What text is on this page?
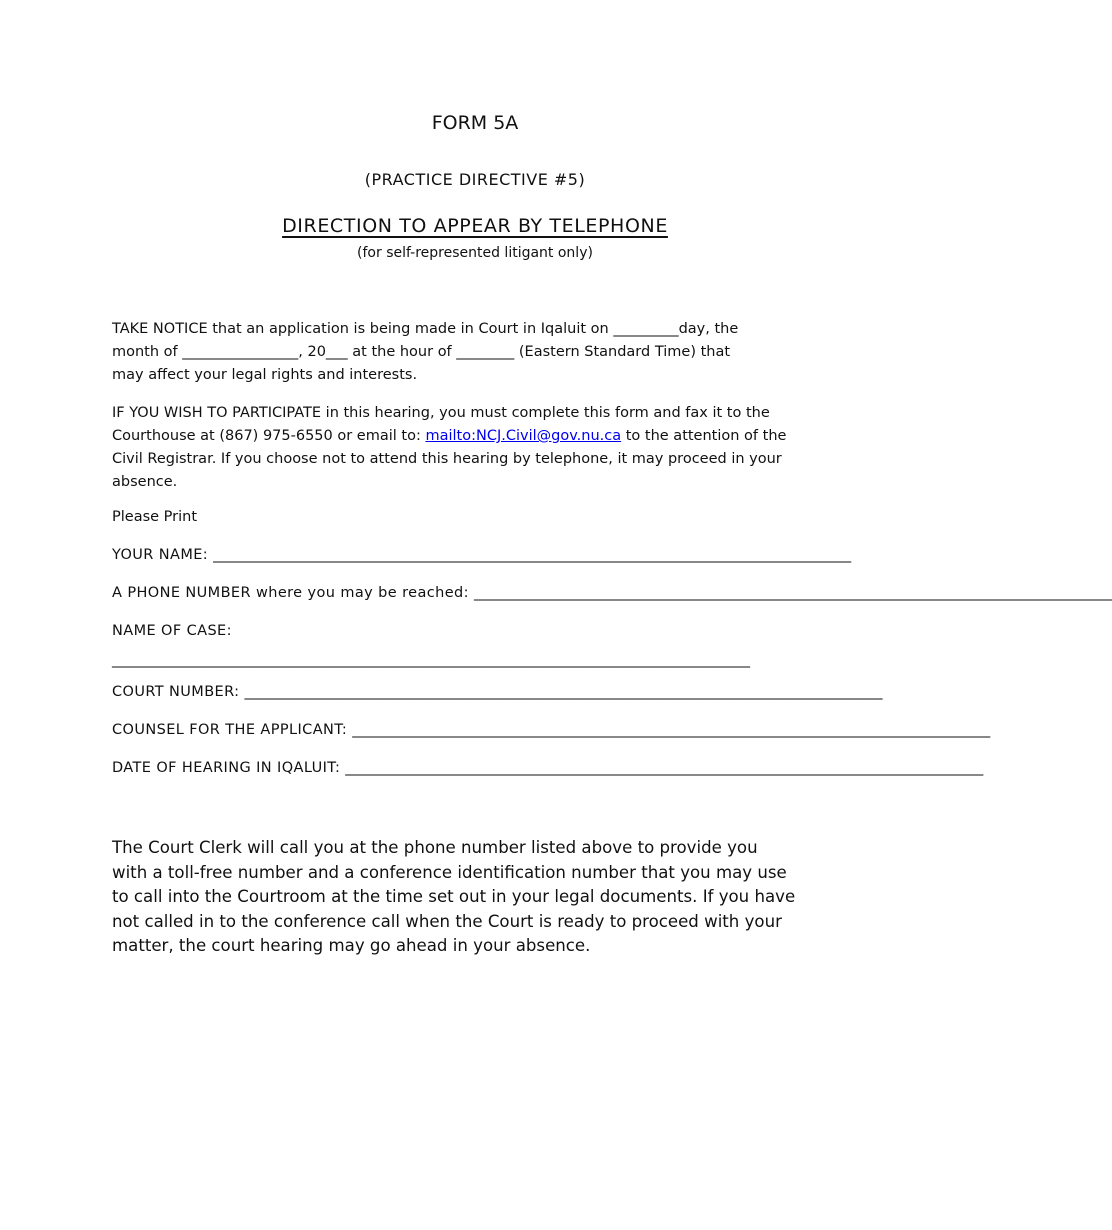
FORM 5A
(PRACTICE DIRECTIVE #5)
DIRECTION TO APPEAR BY TELEPHONE
(for self-represented litigant only)
TAKE NOTICE that an application is being made in Court in Iqaluit on _________day, the
month of ________________, 20___ at the hour of ________ (Eastern Standard Time) that
may affect your legal rights and interests.
IF YOU WISH TO PARTICIPATE in this hearing, you must complete this form and fax it to the
Courthouse at (867) 975-6550 or email to: mailto:NCJ.Civil@gov.nu.ca to the attention of the
Civil Registrar. If you choose not to attend this hearing by telephone, it may proceed in your
absence.
Please Print
YOUR NAME: ________________________________________________________________________________________
A PHONE NUMBER where you may be reached: ________________________________________________________________________________________
NAME OF CASE:
________________________________________________________________________________________
COURT NUMBER: ________________________________________________________________________________________
COUNSEL FOR THE APPLICANT: ________________________________________________________________________________________
DATE OF HEARING IN IQALUIT: ________________________________________________________________________________________
The Court Clerk will call you at the phone number listed above to provide you
with a toll-free number and a conference identification number that you may use
to call into the Courtroom at the time set out in your legal documents. If you have
not called in to the conference call when the Court is ready to proceed with your
matter, the court hearing may go ahead in your absence.
